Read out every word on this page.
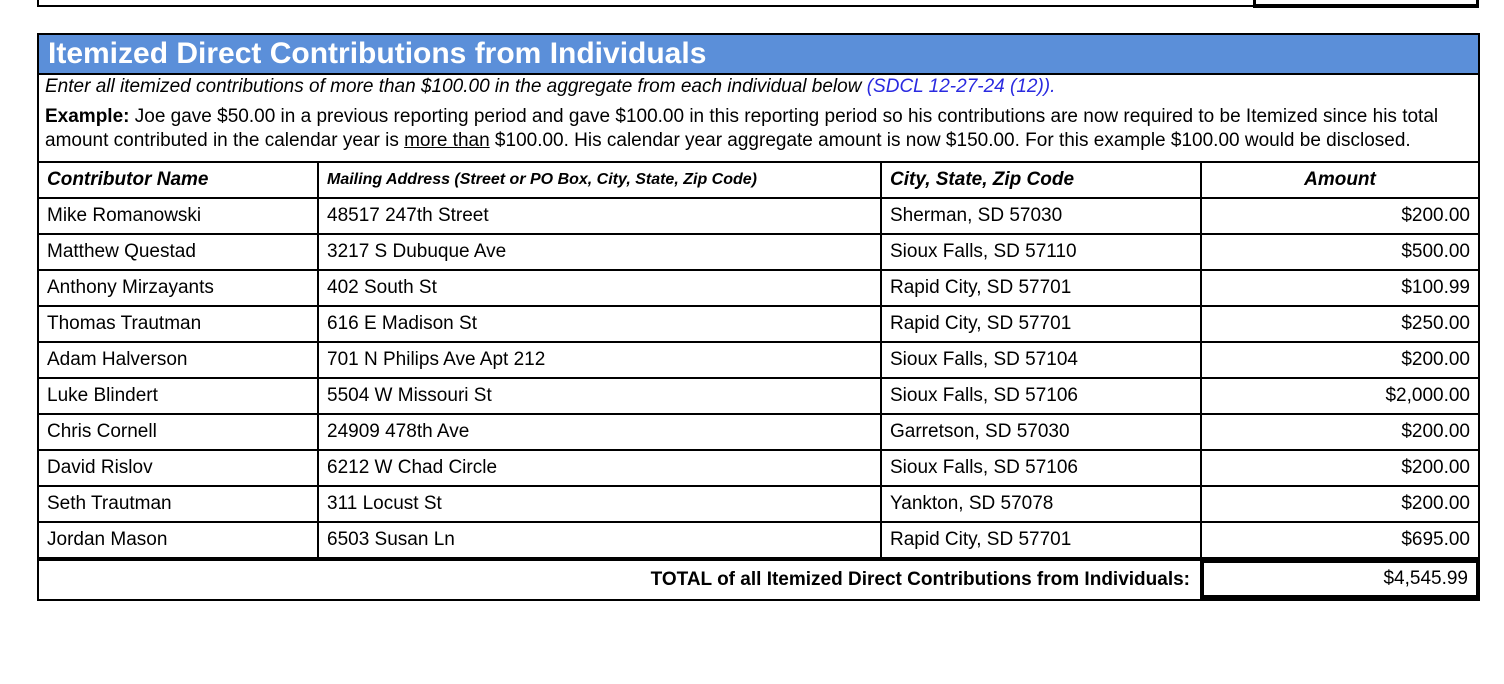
Itemized Direct Contributions from Individuals
Enter all itemized contributions of more than $100.00 in the aggregate from each individual below (SDCL 12-27-24 (12)).
Example: Joe gave $50.00 in a previous reporting period and gave $100.00 in this reporting period so his contributions are now required to be Itemized since his total amount contributed in the calendar year is more than $100.00. His calendar year aggregate amount is now $150.00. For this example $100.00 would be disclosed.
Contributor Name	Mailing Address (Street or PO Box, City, State, Zip Code)	City, State, Zip Code	Amount
Mike Romanowski	48517 247th Street	Sherman, SD 57030	$200.00
Matthew Questad	3217 S Dubuque Ave	Sioux Falls, SD 57110	$500.00
Anthony Mirzayants	402 South St	Rapid City, SD 57701	$100.99
Thomas Trautman	616 E Madison St	Rapid City, SD 57701	$250.00
Adam Halverson	701 N Philips Ave Apt 212	Sioux Falls, SD 57104	$200.00
Luke Blindert	5504 W Missouri St	Sioux Falls, SD 57106	$2,000.00
Chris Cornell	24909 478th Ave	Garretson, SD 57030	$200.00
David Rislov	6212 W Chad Circle	Sioux Falls, SD 57106	$200.00
Seth Trautman	311 Locust St	Yankton, SD 57078	$200.00
Jordan Mason	6503 Susan Ln	Rapid City, SD 57701	$695.00
TOTAL of all Itemized Direct Contributions from Individuals:	$4,545.99
